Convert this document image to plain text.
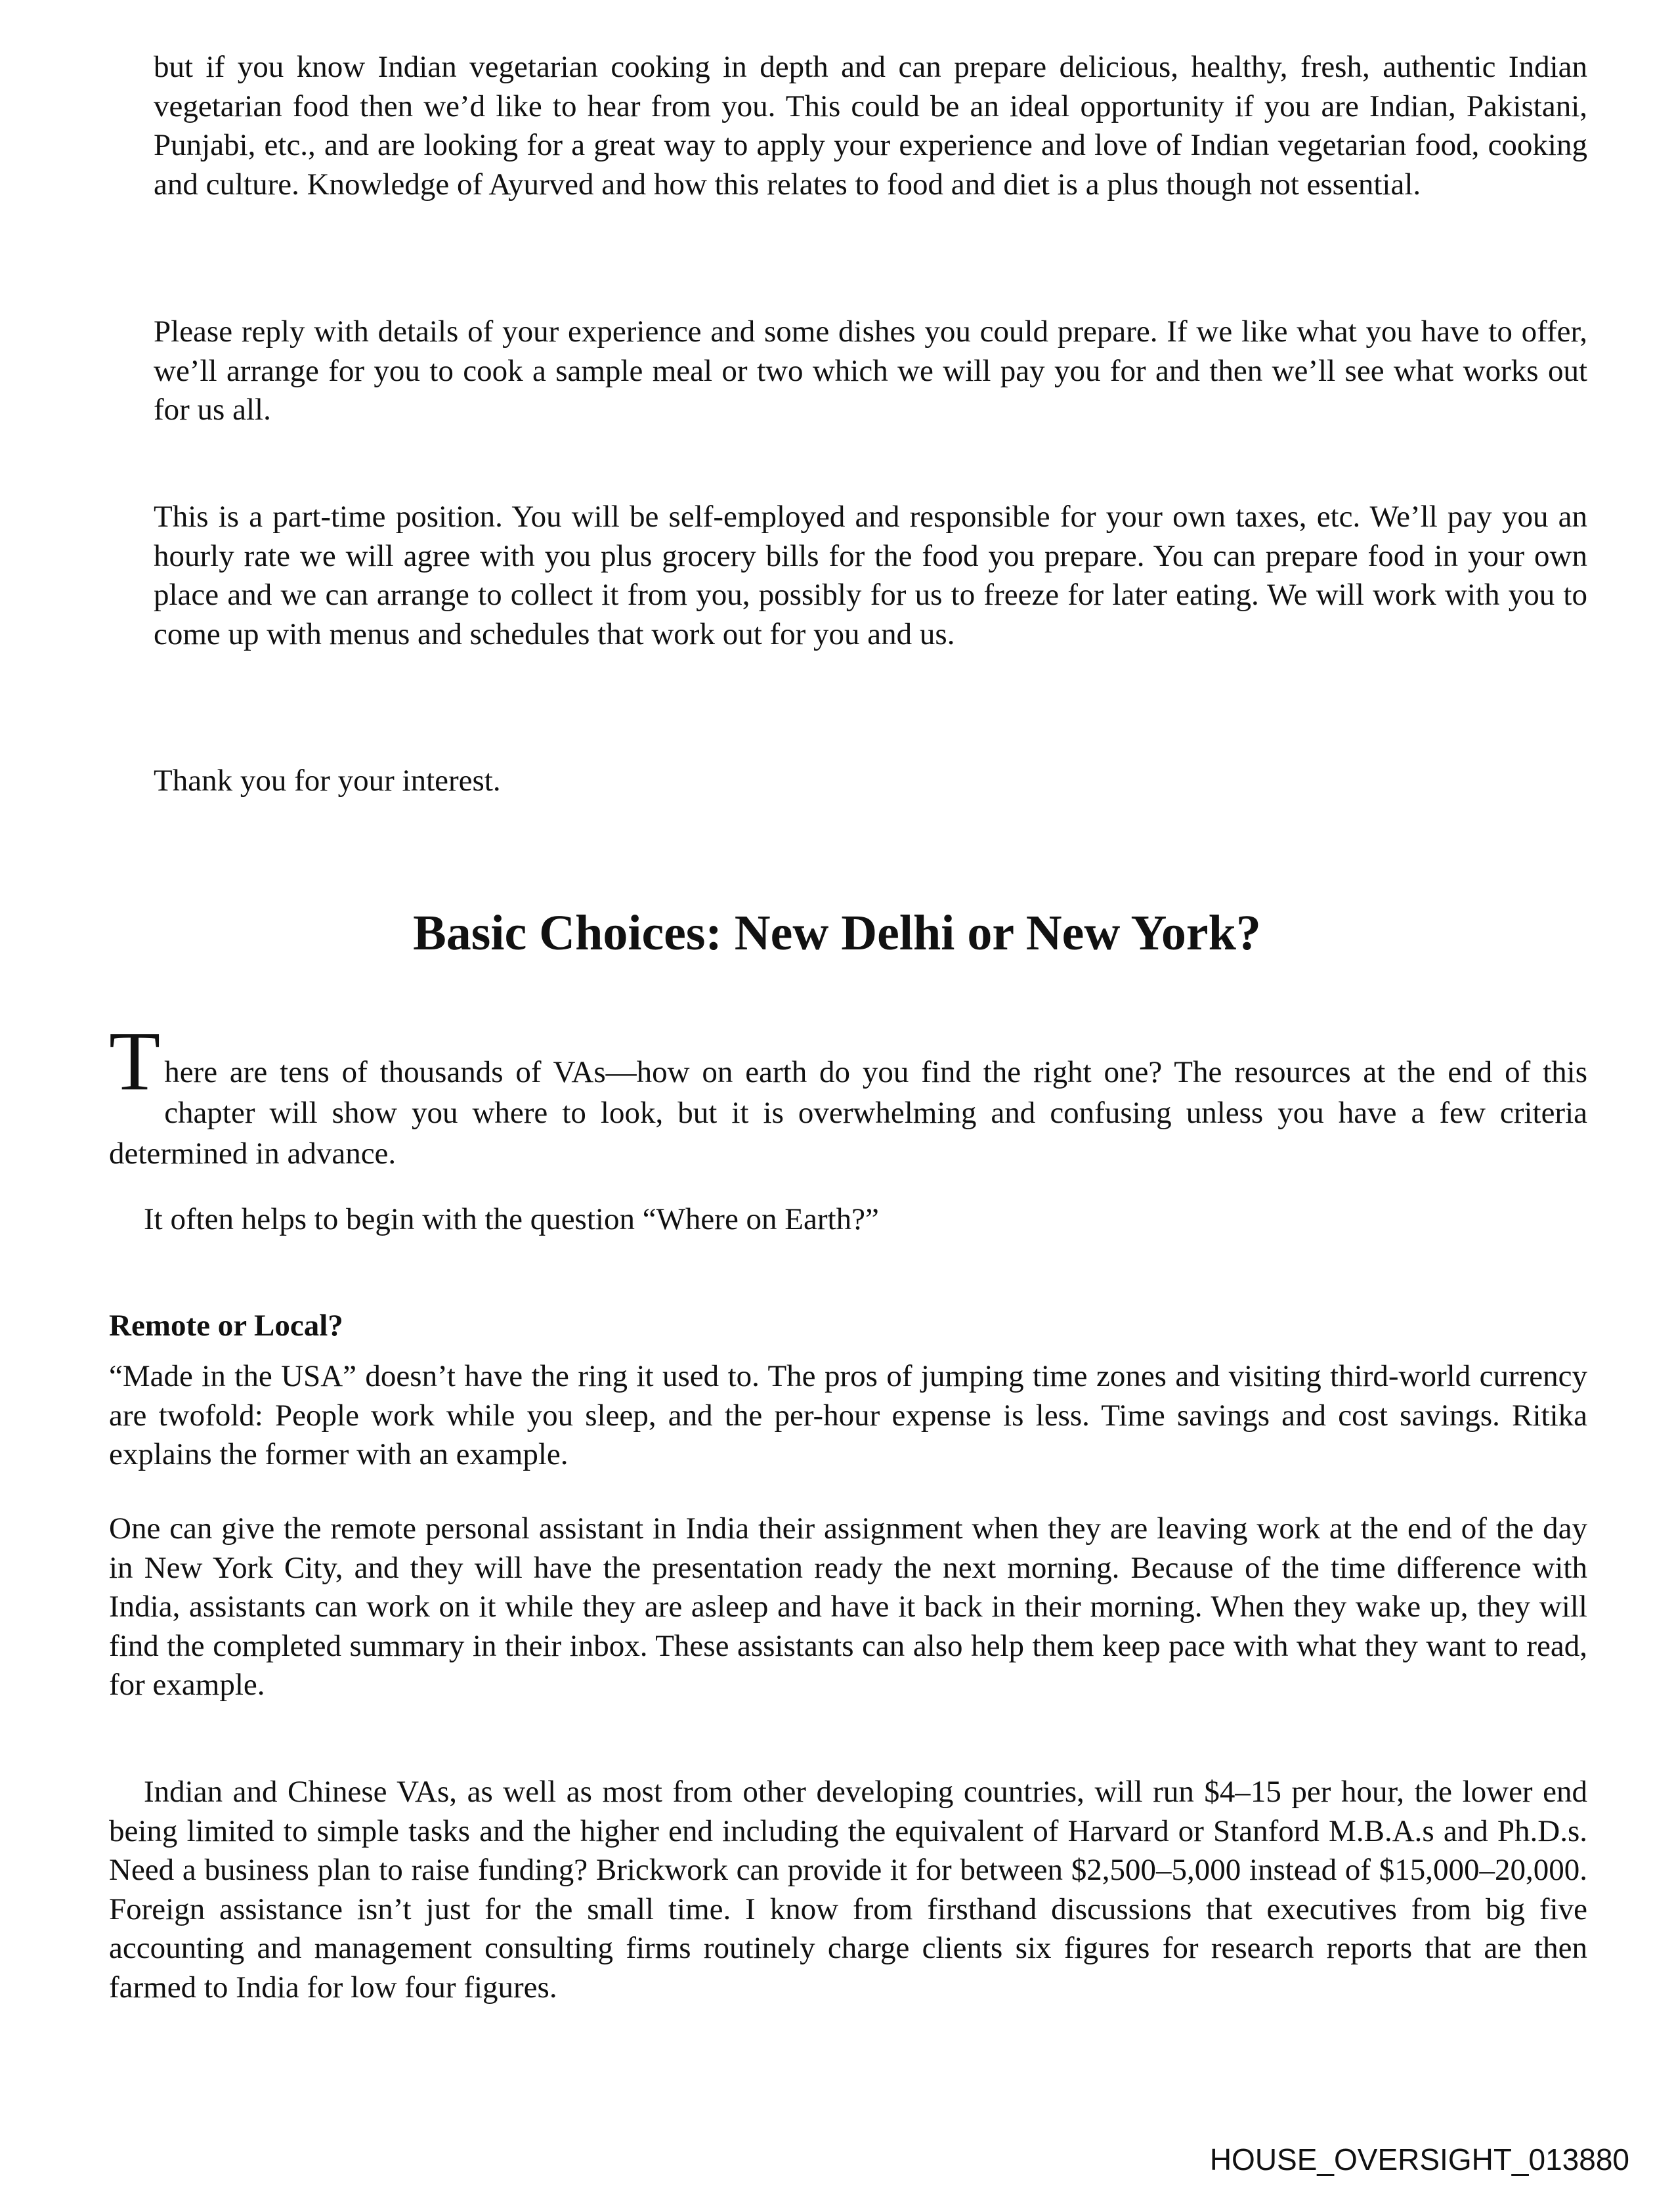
but if you know Indian vegetarian cooking in depth and can prepare delicious, healthy, fresh, authentic Indian vegetarian food then we’d like to hear from you. This could be an ideal opportunity if you are Indian, Pakistani, Punjabi, etc., and are looking for a great way to apply your experience and love of Indian vegetarian food, cooking and culture. Knowledge of Ayurved and how this relates to food and diet is a plus though not essential.

Please reply with details of your experience and some dishes you could prepare. If we like what you have to offer, we’ll arrange for you to cook a sample meal or two which we will pay you for and then we’ll see what works out for us all.

This is a part-time position. You will be self-employed and responsible for your own taxes, etc. We’ll pay you an hourly rate we will agree with you plus grocery bills for the food you prepare. You can prepare food in your own place and we can arrange to collect it from you, possibly for us to freeze for later eating. We will work with you to come up with menus and schedules that work out for you and us.

Thank you for your interest.

Basic Choices: New Delhi or New York?
T here are tens of thousands of VAs—how on earth do you find the right one? The resources at the end of this chapter will show you where to look, but it is overwhelming and confusing unless you have a few criteria determined in advance.

It often helps to begin with the question “Where on Earth?”

Remote or Local?

“Made in the USA” doesn’t have the ring it used to. The pros of jumping time zones and visiting third-world currency are twofold: People work while you sleep, and the per-hour expense is less. Time savings and cost savings. Ritika explains the former with an example.

One can give the remote personal assistant in India their assignment when they are leaving work at the end of the day in New York City, and they will have the presentation ready the next morning. Because of the time difference with India, assistants can work on it while they are asleep and have it back in their morning. When they wake up, they will find the completed summary in their inbox. These assistants can also help them keep pace with what they want to read, for example.

Indian and Chinese VAs, as well as most from other developing countries, will run $4–15 per hour, the lower end being limited to simple tasks and the higher end including the equivalent of Harvard or Stanford M.B.A.s and Ph.D.s. Need a business plan to raise funding? Brickwork can provide it for between $2,500–5,000 instead of $15,000–20,000. Foreign assistance isn’t just for the small time. I know from firsthand discussions that executives from big five accounting and management consulting firms routinely charge clients six figures for research reports that are then farmed to India for low four figures.

HOUSE_OVERSIGHT_013880
